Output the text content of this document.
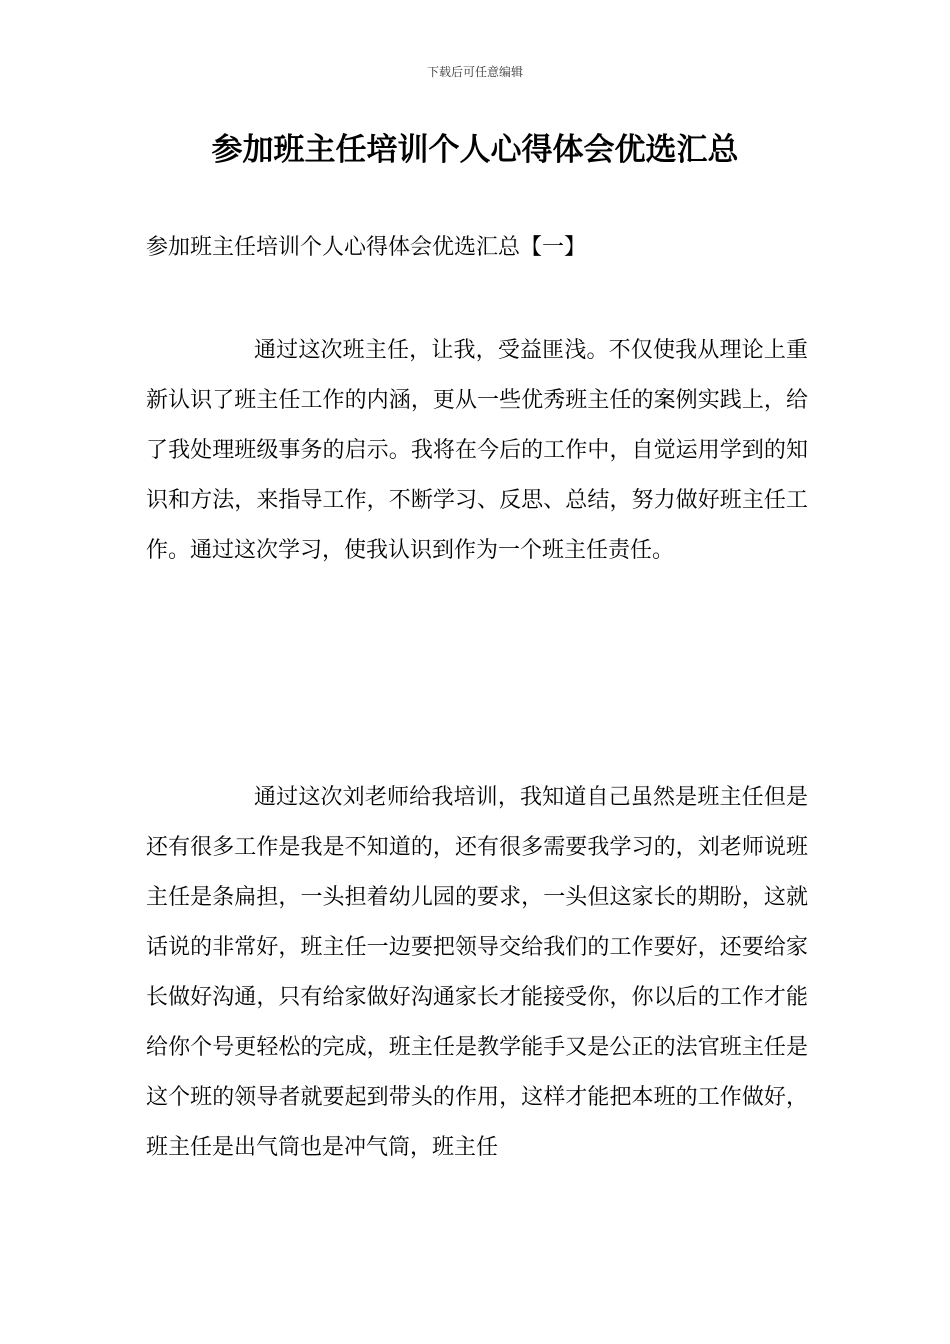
下载后可任意编辑
参加班主任培训个人心得体会优选汇总
参加班主任培训个人心得体会优选汇总【一】

通过这次班主任，让我，受益匪浅。不仅使我从理论上重新认识了班主任工作的内涵，更从一些优秀班主任的案例实践上，给了我处理班级事务的启示。我将在今后的工作中，自觉运用学到的知识和方法，来指导工作，不断学习、反思、总结，努力做好班主任工作。通过这次学习，使我认识到作为一个班主任责任。

通过这次刘老师给我培训，我知道自己虽然是班主任但是还有很多工作是我是不知道的，还有很多需要我学习的，刘老师说班主任是条扁担，一头担着幼儿园的要求，一头但这家长的期盼，这就话说的非常好，班主任一边要把领导交给我们的工作要好，还要给家长做好沟通，只有给家做好沟通家长才能接受你，你以后的工作才能给你个号更轻松的完成，班主任是教学能手又是公正的法官班主任是这个班的领导者就要起到带头的作用，这样才能把本班的工作做好，班主任是出气筒也是冲气筒，班主任
